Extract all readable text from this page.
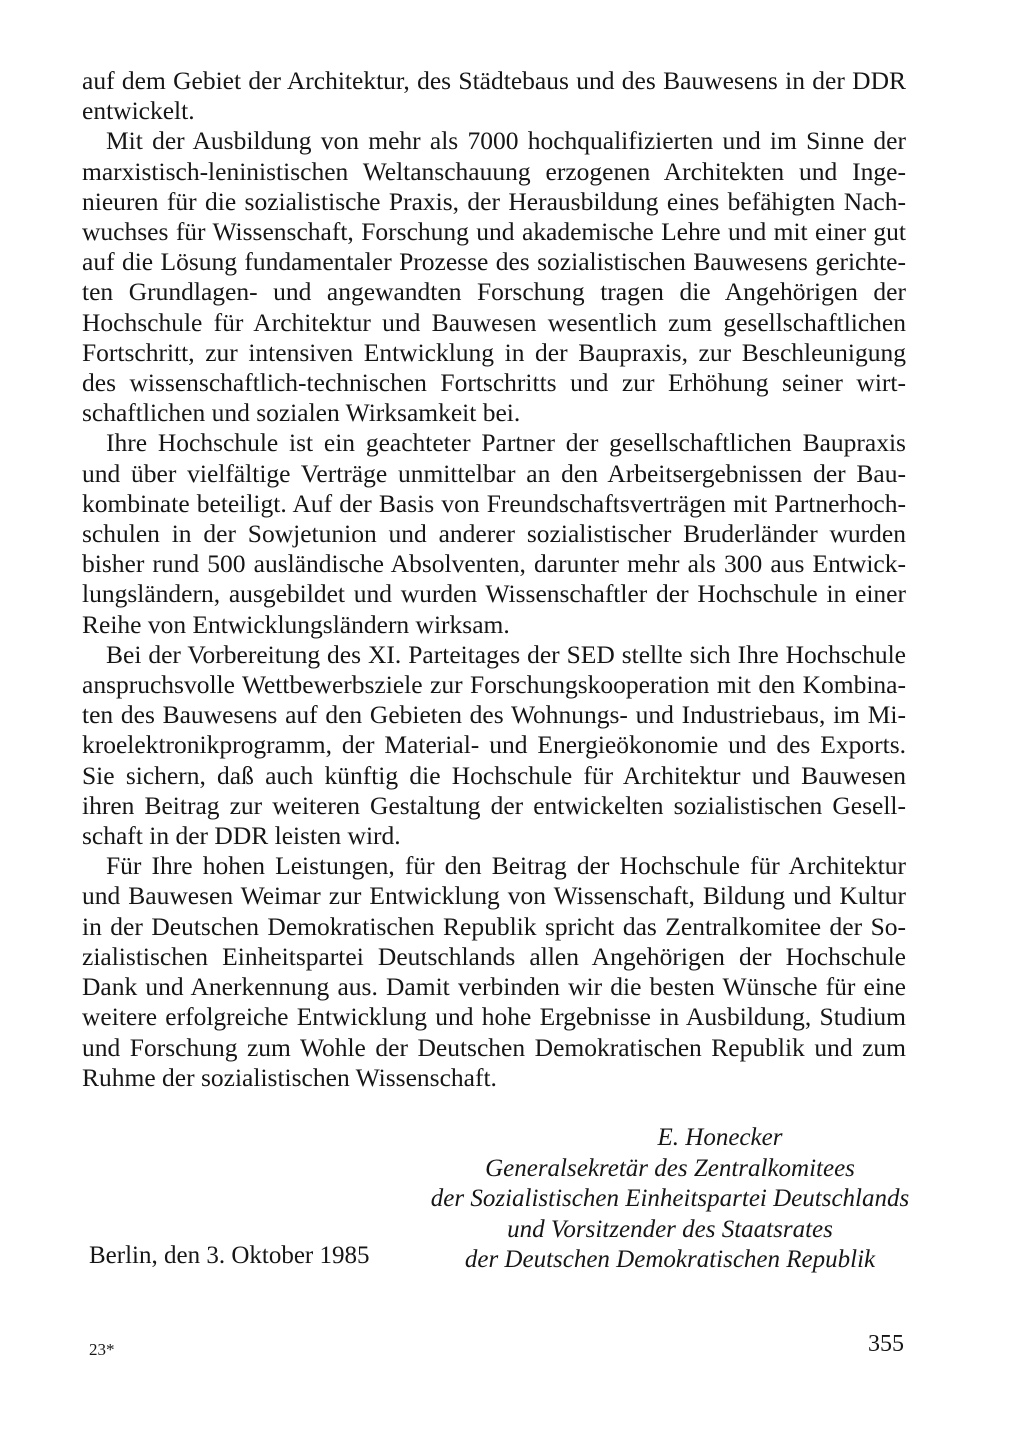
auf dem Gebiet der Architektur, des Städtebaus und des Bauwesens in der DDR
entwickelt.

Mit der Ausbildung von mehr als 7000 hochqualifizierten und im Sinne der
marxistisch-leninistischen Weltanschauung erzogenen Architekten und Inge-
nieuren für die sozialistische Praxis, der Herausbildung eines befähigten Nach-
wuchses für Wissenschaft, Forschung und akademische Lehre und mit einer gut
auf die Lösung fundamentaler Prozesse des sozialistischen Bauwesens gerichte-
ten Grundlagen- und angewandten Forschung tragen die Angehörigen der
Hochschule für Architektur und Bauwesen wesentlich zum gesellschaftlichen
Fortschritt, zur intensiven Entwicklung in der Baupraxis, zur Beschleunigung
des wissenschaftlich-technischen Fortschritts und zur Erhöhung seiner wirt-
schaftlichen und sozialen Wirksamkeit bei.

Ihre Hochschule ist ein geachteter Partner der gesellschaftlichen Baupraxis
und über vielfältige Verträge unmittelbar an den Arbeitsergebnissen der Bau-
kombinate beteiligt. Auf der Basis von Freundschaftsverträgen mit Partnerhoch-
schulen in der Sowjetunion und anderer sozialistischer Bruderländer wurden
bisher rund 500 ausländische Absolventen, darunter mehr als 300 aus Entwick-
lungsländern, ausgebildet und wurden Wissenschaftler der Hochschule in einer
Reihe von Entwicklungsländern wirksam.

Bei der Vorbereitung des XI. Parteitages der SED stellte sich Ihre Hochschule
anspruchsvolle Wettbewerbsziele zur Forschungskooperation mit den Kombina-
ten des Bauwesens auf den Gebieten des Wohnungs- und Industriebaus, im Mi-
kroelektronikprogramm, der Material- und Energieökonomie und des Exports.
Sie sichern, daß auch künftig die Hochschule für Architektur und Bauwesen
ihren Beitrag zur weiteren Gestaltung der entwickelten sozialistischen Gesell-
schaft in der DDR leisten wird.

Für Ihre hohen Leistungen, für den Beitrag der Hochschule für Architektur
und Bauwesen Weimar zur Entwicklung von Wissenschaft, Bildung und Kultur
in der Deutschen Demokratischen Republik spricht das Zentralkomitee der So-
zialistischen Einheitspartei Deutschlands allen Angehörigen der Hochschule
Dank und Anerkennung aus. Damit verbinden wir die besten Wünsche für eine
weitere erfolgreiche Entwicklung und hohe Ergebnisse in Ausbildung, Studium
und Forschung zum Wohle der Deutschen Demokratischen Republik und zum
Ruhme der sozialistischen Wissenschaft.

E. Honecker
Generalsekretär des Zentralkomitees
der Sozialistischen Einheitspartei Deutschlands
und Vorsitzender des Staatsrates
der Deutschen Demokratischen Republik
Berlin, den 3. Oktober 1985
23*	355
